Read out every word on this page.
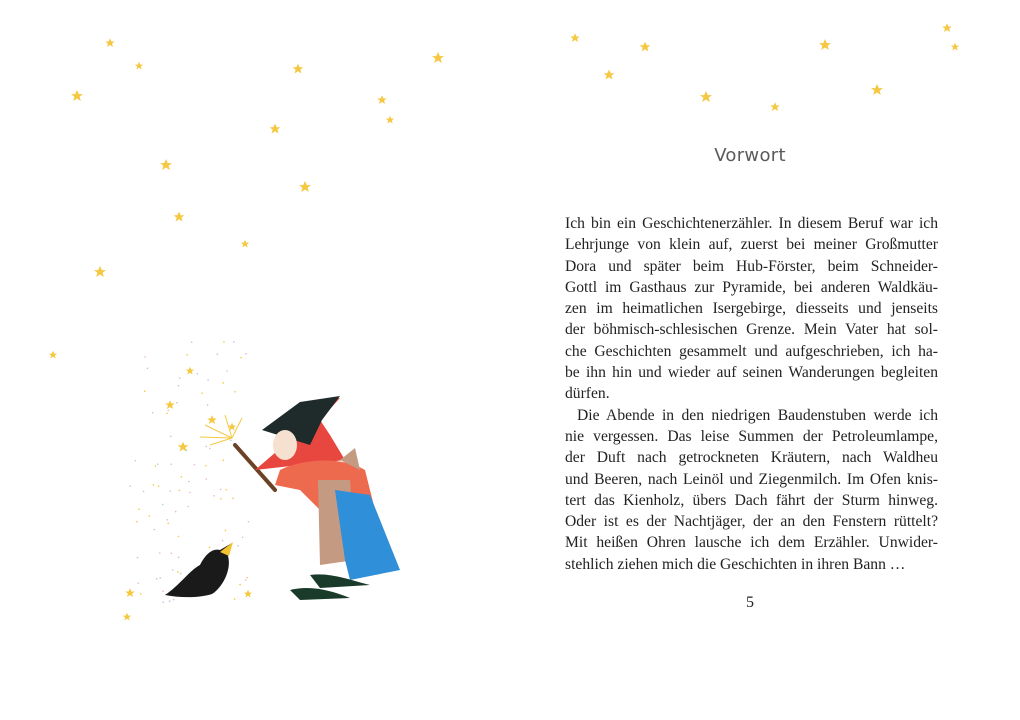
Vorwort
Ich bin ein Geschichtenerzähler. In diesem Beruf war ich
Lehrjunge von klein auf, zuerst bei meiner Großmutter
Dora und später beim Hub-Förster, beim Schneider-
Gottl im Gasthaus zur Pyramide, bei anderen Waldkäu-
zen im heimatlichen Isergebirge, diesseits und jenseits
der böhmisch-schlesischen Grenze. Mein Vater hat sol-
che Geschichten gesammelt und aufgeschrieben, ich ha-
be ihn hin und wieder auf seinen Wanderungen begleiten
dürfen.
Die Abende in den niedrigen Baudenstuben werde ich
nie vergessen. Das leise Summen der Petroleumlampe,
der Duft nach getrockneten Kräutern, nach Waldheu
und Beeren, nach Leinöl und Ziegenmilch. Im Ofen knis-
tert das Kienholz, übers Dach fährt der Sturm hinweg.
Oder ist es der Nachtjäger, der an den Fenstern rüttelt?
Mit heißen Ohren lausche ich dem Erzähler. Unwider-
stehlich ziehen mich die Geschichten in ihren Bann …
5
